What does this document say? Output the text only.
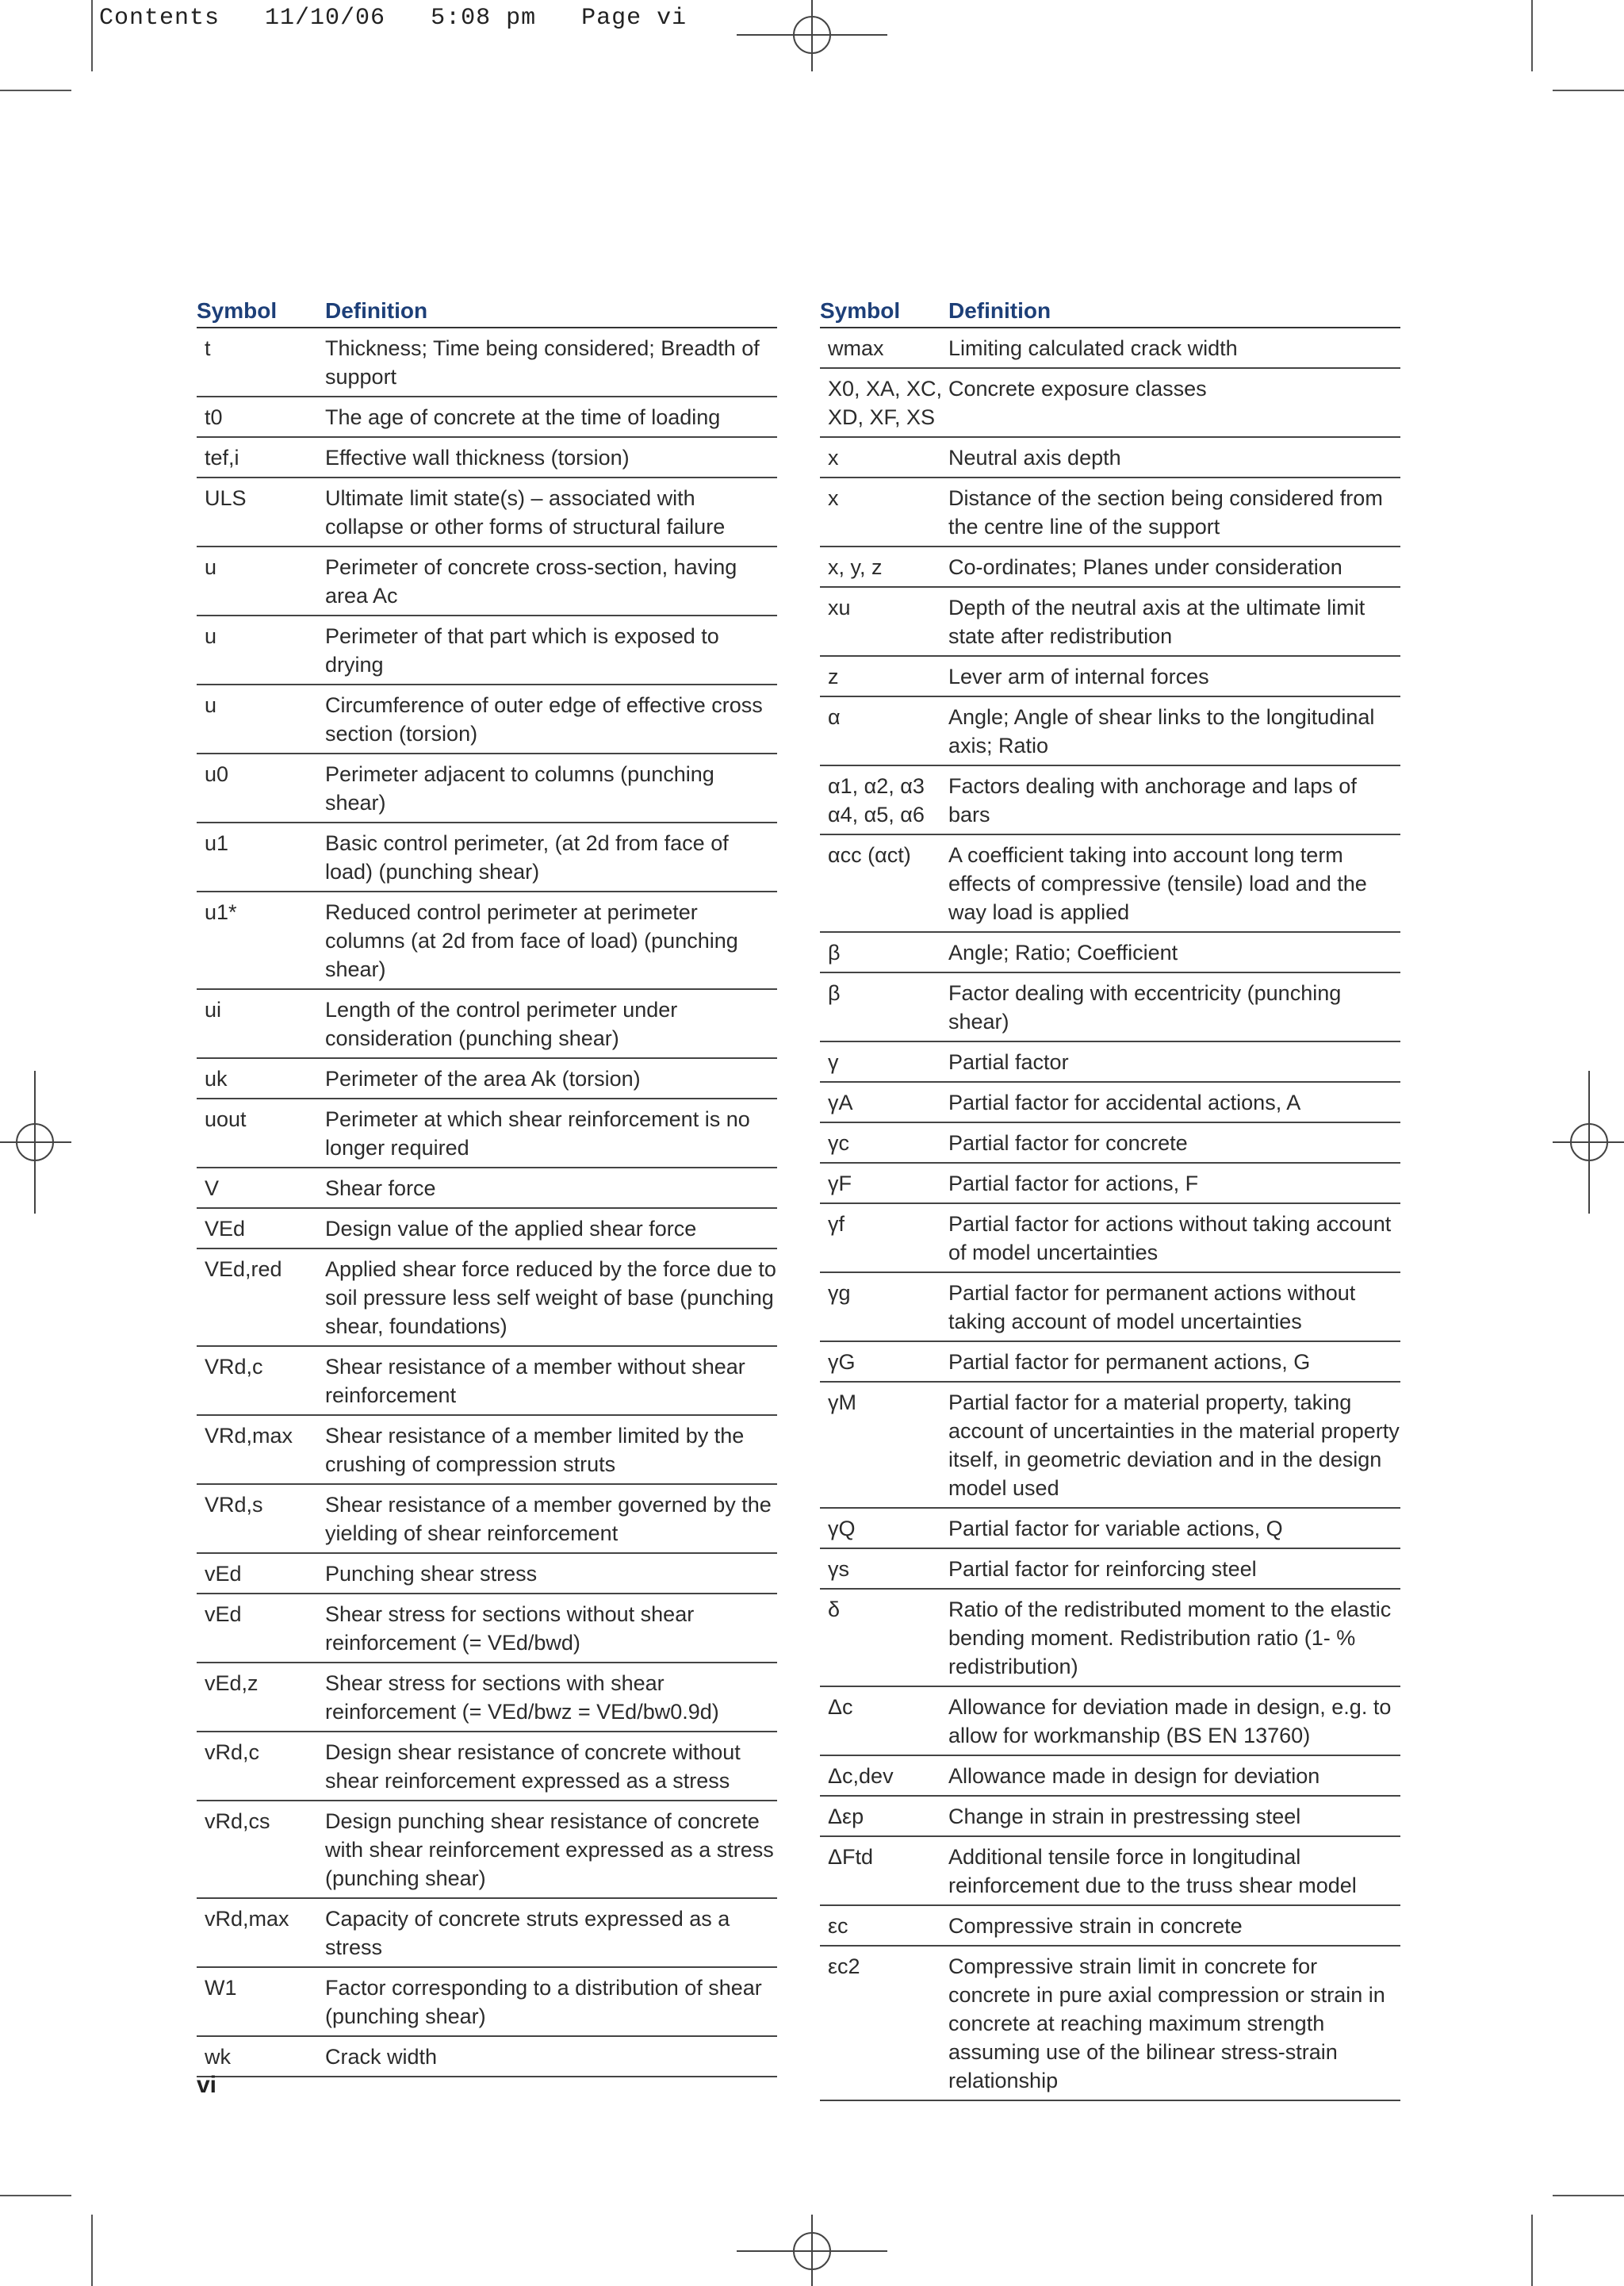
Contents   11/10/06   5:08 pm   Page vi
Symbol	Definition
t	Thickness; Time being considered; Breadth of support
t0	The age of concrete at the time of loading
tef,i	Effective wall thickness (torsion)
ULS	Ultimate limit state(s) – associated with collapse or other forms of structural failure
u	Perimeter of concrete cross-section, having area Ac
u	Perimeter of that part which is exposed to drying
u	Circumference of outer edge of effective cross section (torsion)
u0	Perimeter adjacent to columns (punching shear)
u1	Basic control perimeter, (at 2d from face of load) (punching shear)
u1*	Reduced control perimeter at perimeter columns (at 2d from face of load) (punching shear)
ui	Length of the control perimeter under consideration (punching shear)
uk	Perimeter of the area Ak (torsion)
uout	Perimeter at which shear reinforcement is no longer required
V	Shear force
VEd	Design value of the applied shear force
VEd,red	Applied shear force reduced by the force due to soil pressure less self weight of base (punching shear, foundations)
VRd,c	Shear resistance of a member without shear reinforcement
VRd,max	Shear resistance of a member limited by the crushing of compression struts
VRd,s	Shear resistance of a member governed by the yielding of shear reinforcement
vEd	Punching shear stress
vEd	Shear stress for sections without shear reinforcement (= VEd/bwd)
vEd,z	Shear stress for sections with shear reinforcement (= VEd/bwz = VEd/bw0.9d)
vRd,c	Design shear resistance of concrete without shear reinforcement expressed as a stress
vRd,cs	Design punching shear resistance of concrete with shear reinforcement expressed as a stress (punching shear)
vRd,max	Capacity of concrete struts expressed as a stress
W1	Factor corresponding to a distribution of shear (punching shear)
wk	Crack width
Symbol	Definition
wmax	Limiting calculated crack width
X0, XA, XC, XD, XF, XS	Concrete exposure classes
x	Neutral axis depth
x	Distance of the section being considered from the centre line of the support
x, y, z	Co-ordinates; Planes under consideration
xu	Depth of the neutral axis at the ultimate limit state after redistribution
z	Lever arm of internal forces
α	Angle; Angle of shear links to the longitudinal axis; Ratio
α1, α2, α3 α4, α5, α6	Factors dealing with anchorage and laps of bars
αcc (αct)	A coefficient taking into account long term effects of compressive (tensile) load and the way load is applied
β	Angle; Ratio; Coefficient
β	Factor dealing with eccentricity (punching shear)
γ	Partial factor
γA	Partial factor for accidental actions, A
γc	Partial factor for concrete
γF	Partial factor for actions, F
γf	Partial factor for actions without taking account of model uncertainties
γg	Partial factor for permanent actions without taking account of model uncertainties
γG	Partial factor for permanent actions, G
γM	Partial factor for a material property, taking account of uncertainties in the material property itself, in geometric deviation and in the design model used
γQ	Partial factor for variable actions, Q
γs	Partial factor for reinforcing steel
δ	Ratio of the redistributed moment to the elastic bending moment. Redistribution ratio (1- % redistribution)
Δc	Allowance for deviation made in design, e.g. to allow for workmanship (BS EN 13760)
Δc,dev	Allowance made in design for deviation
Δεp	Change in strain in prestressing steel
ΔFtd	Additional tensile force in longitudinal reinforcement due to the truss shear model
εc	Compressive strain in concrete
εc2	Compressive strain limit in concrete for concrete in pure axial compression or strain in concrete at reaching maximum strength assuming use of the bilinear stress-strain relationship
vi
